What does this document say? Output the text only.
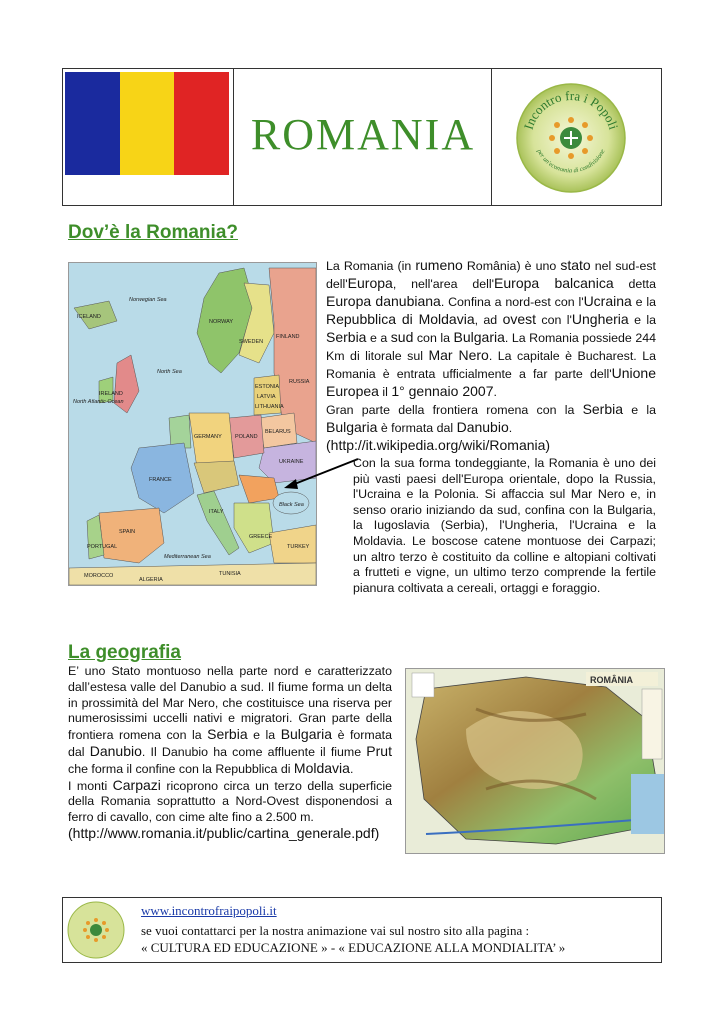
ROMANIA	Incontro fra i Popoli
per un'economia di condivisione
Dov’è la Romania?
Norwegian Sea
ICELAND
NORWAY
SWEDEN
FINLAND
RUSSIA
North Sea
North Atlantic Ocean
IRELAND
ESTONIA
LATVIA
LITHUANIA
BELARUS
UKRAINE
POLAND
GERMANY
FRANCE
SPAIN
ITALY
PORTUGAL
MOROCCO
ALGERIA
TUNISIA
Mediterranean Sea
Black Sea
TURKEY
GREECE

La Romania (in rumeno România) è uno stato nel sud-est dell'Europa, nell'area dell'Europa balcanica detta Europa danubiana. Confina a nord-est con l'Ucraina e la Repubblica di Moldavia, ad ovest con l'Ungheria e la Serbia e a sud con la Bulgaria. La Romania possiede 244 Km di litorale sul Mar Nero. La capitale è Bucharest. La Romania è entrata ufficialmente a far parte dell'Unione Europea il 1° gennaio 2007.
Gran parte della frontiera romena con la Serbia e la Bulgaria è formata dal Danubio.
(http://it.wikipedia.org/wiki/Romania)

Con la sua forma tondeggiante, la Romania è uno dei più vasti paesi dell'Europa orientale, dopo la Russia, l'Ucraina e la Polonia. Si affaccia sul Mar Nero e, in senso orario iniziando da sud, confina con la Bulgaria, la Iugoslavia (Serbia), l'Ungheria, l'Ucraina e la Moldavia. Le boscose catene montuose dei Carpazi; un altro terzo è costituito da colline e altopiani coltivati a frutteti e vigne, un ultimo terzo comprende la fertile pianura coltivata a cereali, ortaggi e foraggio.

La geografia

E’ uno Stato montuoso nella parte nord e caratterizzato dall’estesa valle del Danubio a sud. Il fiume forma un delta in prossimità del Mar Nero, che costituisce una riserva per numerosissimi uccelli nativi e migratori. Gran parte della frontiera romena con la Serbia e la Bulgaria è formata dal Danubio. Il Danubio ha come affluente il fiume Prut che forma il confine con la Repubblica di Moldavia.
I monti Carpazi ricoprono circa un terzo della superficie della Romania soprattutto a Nord-Ovest disponendosi a ferro di cavallo, con cime alte fino a 2.500 m.
(http://www.romania.it/public/cartina_generale.pdf)

ROMÂNIA
www.incontrofraipopoli.it
se vuoi contattarci per la nostra animazione vai sul nostro sito alla pagina :
« CULTURA ED EDUCAZIONE » - « EDUCAZIONE ALLA MONDIALITA’ »
